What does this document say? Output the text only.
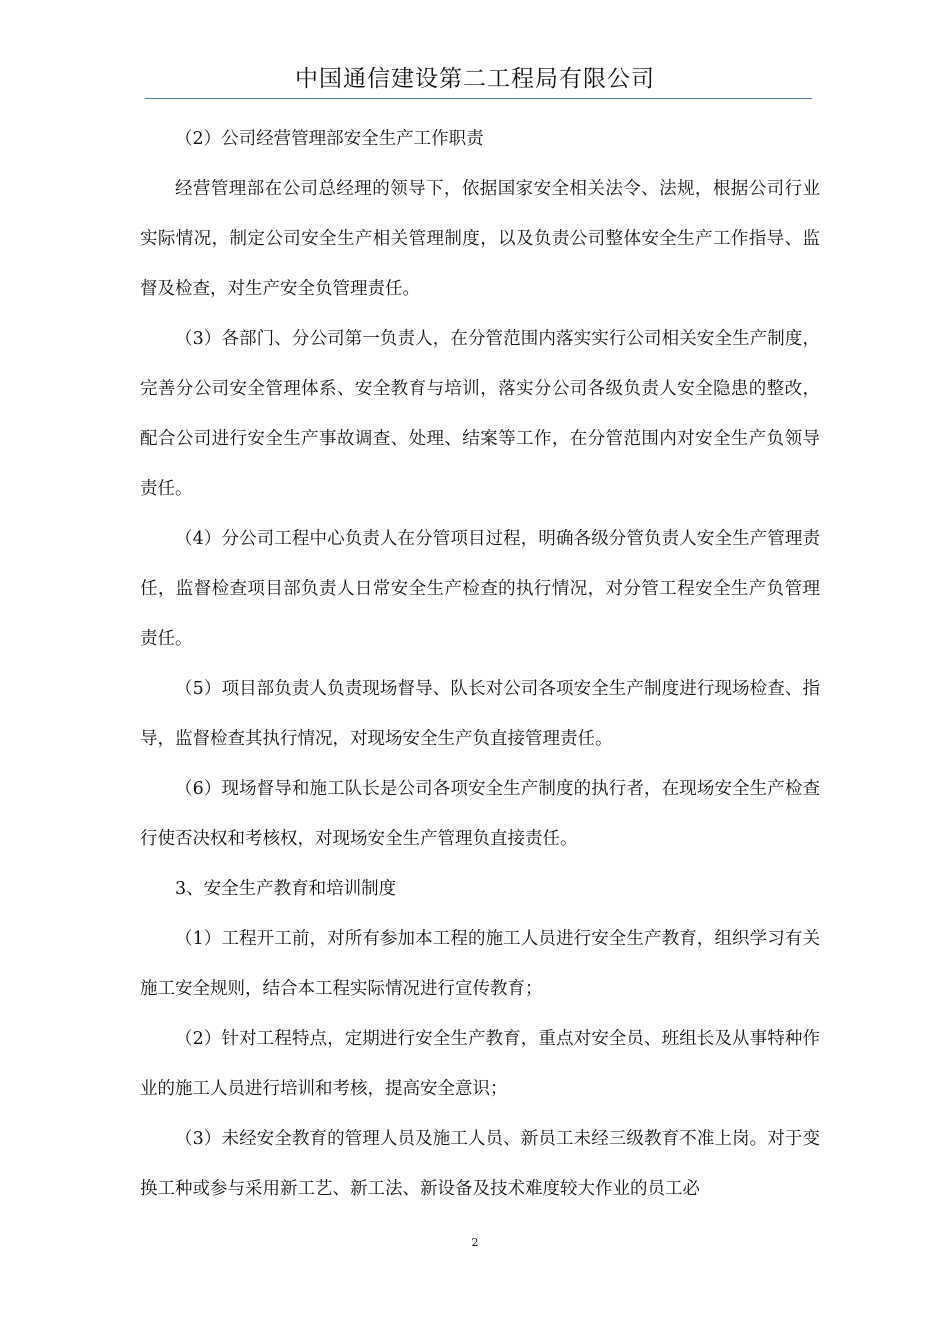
中国通信建设第二工程局有限公司

（2）公司经营管理部安全生产工作职责

经营管理部在公司总经理的领导下，依据国家安全相关法令、法规，根据公司行业实际情况，制定公司安全生产相关管理制度，以及负责公司整体安全生产工作指导、监督及检查，对生产安全负管理责任。

（3）各部门、分公司第一负责人，在分管范围内落实实行公司相关安全生产制度，完善分公司安全管理体系、安全教育与培训，落实分公司各级负责人安全隐患的整改，配合公司进行安全生产事故调查、处理、结案等工作，在分管范围内对安全生产负领导责任。

（4）分公司工程中心负责人在分管项目过程，明确各级分管负责人安全生产管理责任，监督检查项目部负责人日常安全生产检查的执行情况，对分管工程安全生产负管理责任。

（5）项目部负责人负责现场督导、队长对公司各项安全生产制度进行现场检查、指导，监督检查其执行情况，对现场安全生产负直接管理责任。

（6）现场督导和施工队长是公司各项安全生产制度的执行者，在现场安全生产检查行使否决权和考核权，对现场安全生产管理负直接责任。

3、安全生产教育和培训制度

（1）工程开工前，对所有参加本工程的施工人员进行安全生产教育，组织学习有关施工安全规则，结合本工程实际情况进行宣传教育；

（2）针对工程特点，定期进行安全生产教育，重点对安全员、班组长及从事特种作业的施工人员进行培训和考核，提高安全意识；

（3）未经安全教育的管理人员及施工人员、新员工未经三级教育不准上岗。对于变换工种或参与采用新工艺、新工法、新设备及技术难度较大作业的员工必

2
